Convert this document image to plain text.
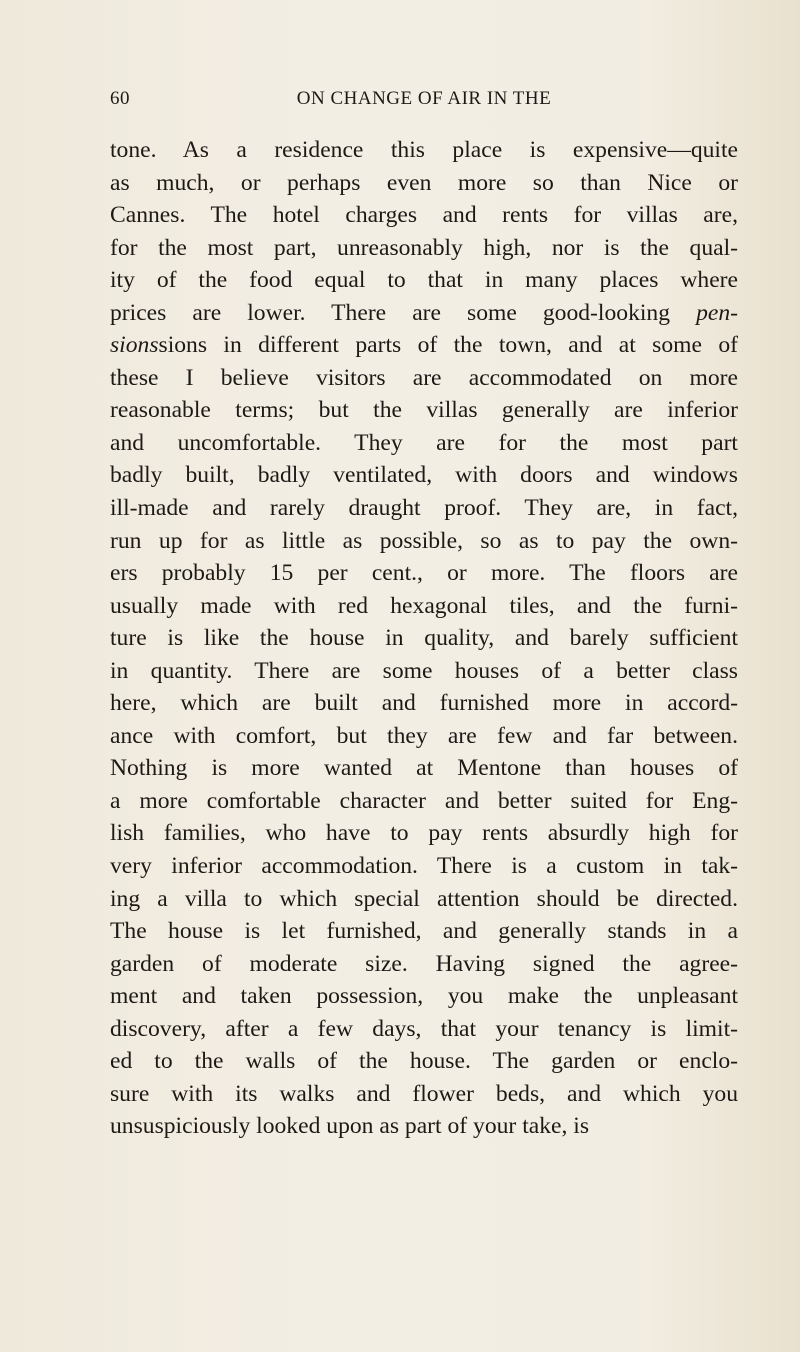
60	ON CHANGE OF AIR IN THE
tone. As a residence this place is expensive—quite
as much, or perhaps even more so than Nice or
Cannes. The hotel charges and rents for villas are,
for the most part, unreasonably high, nor is the qual-
ity of the food equal to that in many places where
prices are lower. There are some good-looking pen-
sionssions in different parts of the town, and at some of
these I believe visitors are accommodated on more
reasonable terms; but the villas generally are inferior
and uncomfortable. They are for the most part
badly built, badly ventilated, with doors and windows
ill-made and rarely draught proof. They are, in fact,
run up for as little as possible, so as to pay the own-
ers probably 15 per cent., or more. The floors are
usually made with red hexagonal tiles, and the furni-
ture is like the house in quality, and barely sufficient
in quantity. There are some houses of a better class
here, which are built and furnished more in accord-
ance with comfort, but they are few and far between.
Nothing is more wanted at Mentone than houses of
a more comfortable character and better suited for Eng-
lish families, who have to pay rents absurdly high for
very inferior accommodation. There is a custom in tak-
ing a villa to which special attention should be directed.
The house is let furnished, and generally stands in a
garden of moderate size. Having signed the agree-
ment and taken possession, you make the unpleasant
discovery, after a few days, that your tenancy is limit-
ed to the walls of the house. The garden or enclo-
sure with its walks and flower beds, and which you
unsuspiciously looked upon as part of your take, is
